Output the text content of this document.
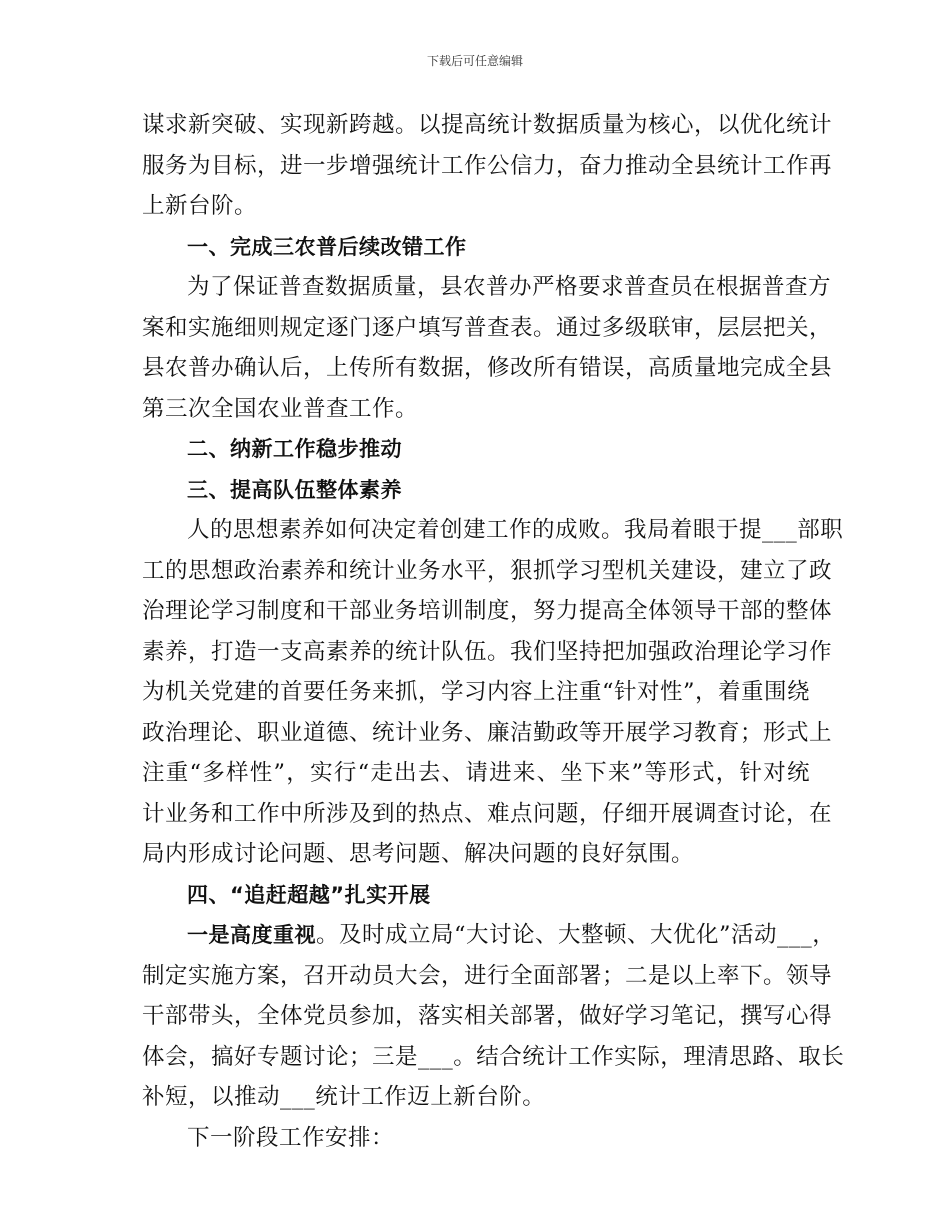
下载后可任意编辑
谋求新突破、实现新跨越。以提高统计数据质量为核心，以优化统计
服务为目标，进一步增强统计工作公信力，奋力推动全县统计工作再
上新台阶。
一、完成三农普后续改错工作
为了保证普查数据质量，县农普办严格要求普查员在根据普查方
案和实施细则规定逐门逐户填写普查表。通过多级联审，层层把关，
县农普办确认后，上传所有数据，修改所有错误，高质量地完成全县
第三次全国农业普查工作。
二、纳新工作稳步推动
三、提高队伍整体素养
人的思想素养如何决定着创建工作的成败。我局着眼于提___部职
工的思想政治素养和统计业务水平，狠抓学习型机关建设，建立了政
治理论学习制度和干部业务培训制度，努力提高全体领导干部的整体
素养，打造一支高素养的统计队伍。我们坚持把加强政治理论学习作
为机关党建的首要任务来抓，学习内容上注重“针对性”，着重围绕
政治理论、职业道德、统计业务、廉洁勤政等开展学习教育；形式上
注重“多样性”，实行“走出去、请进来、坐下来”等形式，针对统
计业务和工作中所涉及到的热点、难点问题，仔细开展调查讨论，在
局内形成讨论问题、思考问题、解决问题的良好氛围。
四、“追赶超越”扎实开展
一是高度重视。及时成立局“大讨论、大整顿、大优化”活动___，
制定实施方案，召开动员大会，进行全面部署；二是以上率下。领导
干部带头，全体党员参加，落实相关部署，做好学习笔记，撰写心得
体会，搞好专题讨论；三是___。结合统计工作实际，理清思路、取长
补短，以推动___统计工作迈上新台阶。
下一阶段工作安排：
